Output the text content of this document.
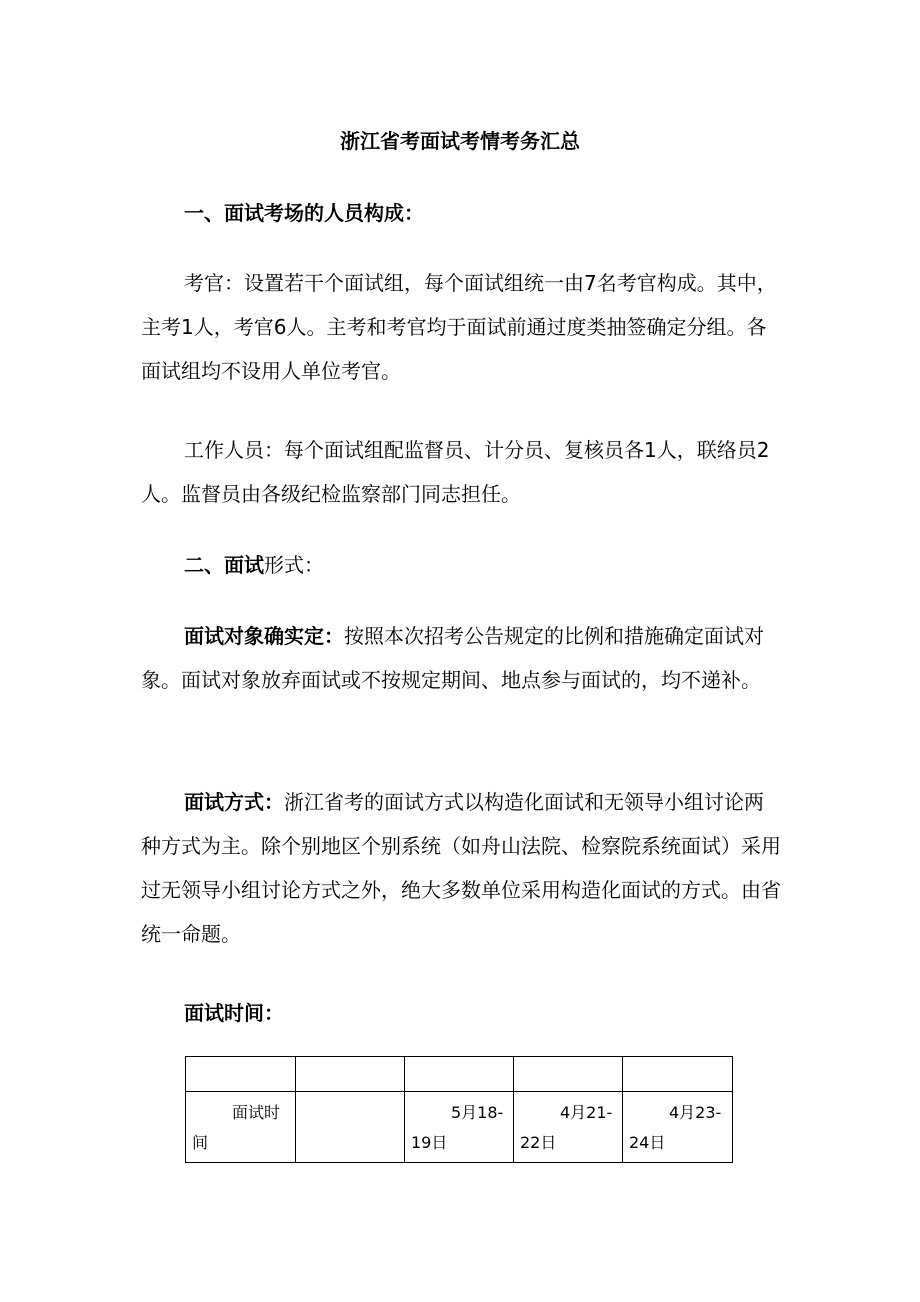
浙江省考面试考情考务汇总
一、面试考场的人员构成：

考官：设置若干个面试组，每个面试组统一由7名考官构成。其中，主考1人，考官6人。主考和考官均于面试前通过度类抽签确定分组。各面试组均不设用人单位考官。

工作人员：每个面试组配监督员、计分员、复核员各1人，联络员2人。监督员由各级纪检监察部门同志担任。

二、面试形式：

面试对象确实定：按照本次招考公告规定的比例和措施确定面试对象。面试对象放弃面试或不按规定期间、地点参与面试的，均不递补。

面试方式：浙江省考的面试方式以构造化面试和无领导小组讨论两种方式为主。除个别地区个别系统（如舟山法院、检察院系统面试）采用过无领导小组讨论方式之外，绝大多数单位采用构造化面试的方式。由省统一命题。

面试时间：

面试时间		5月18-19日	4月21-22日	4月23-24日
